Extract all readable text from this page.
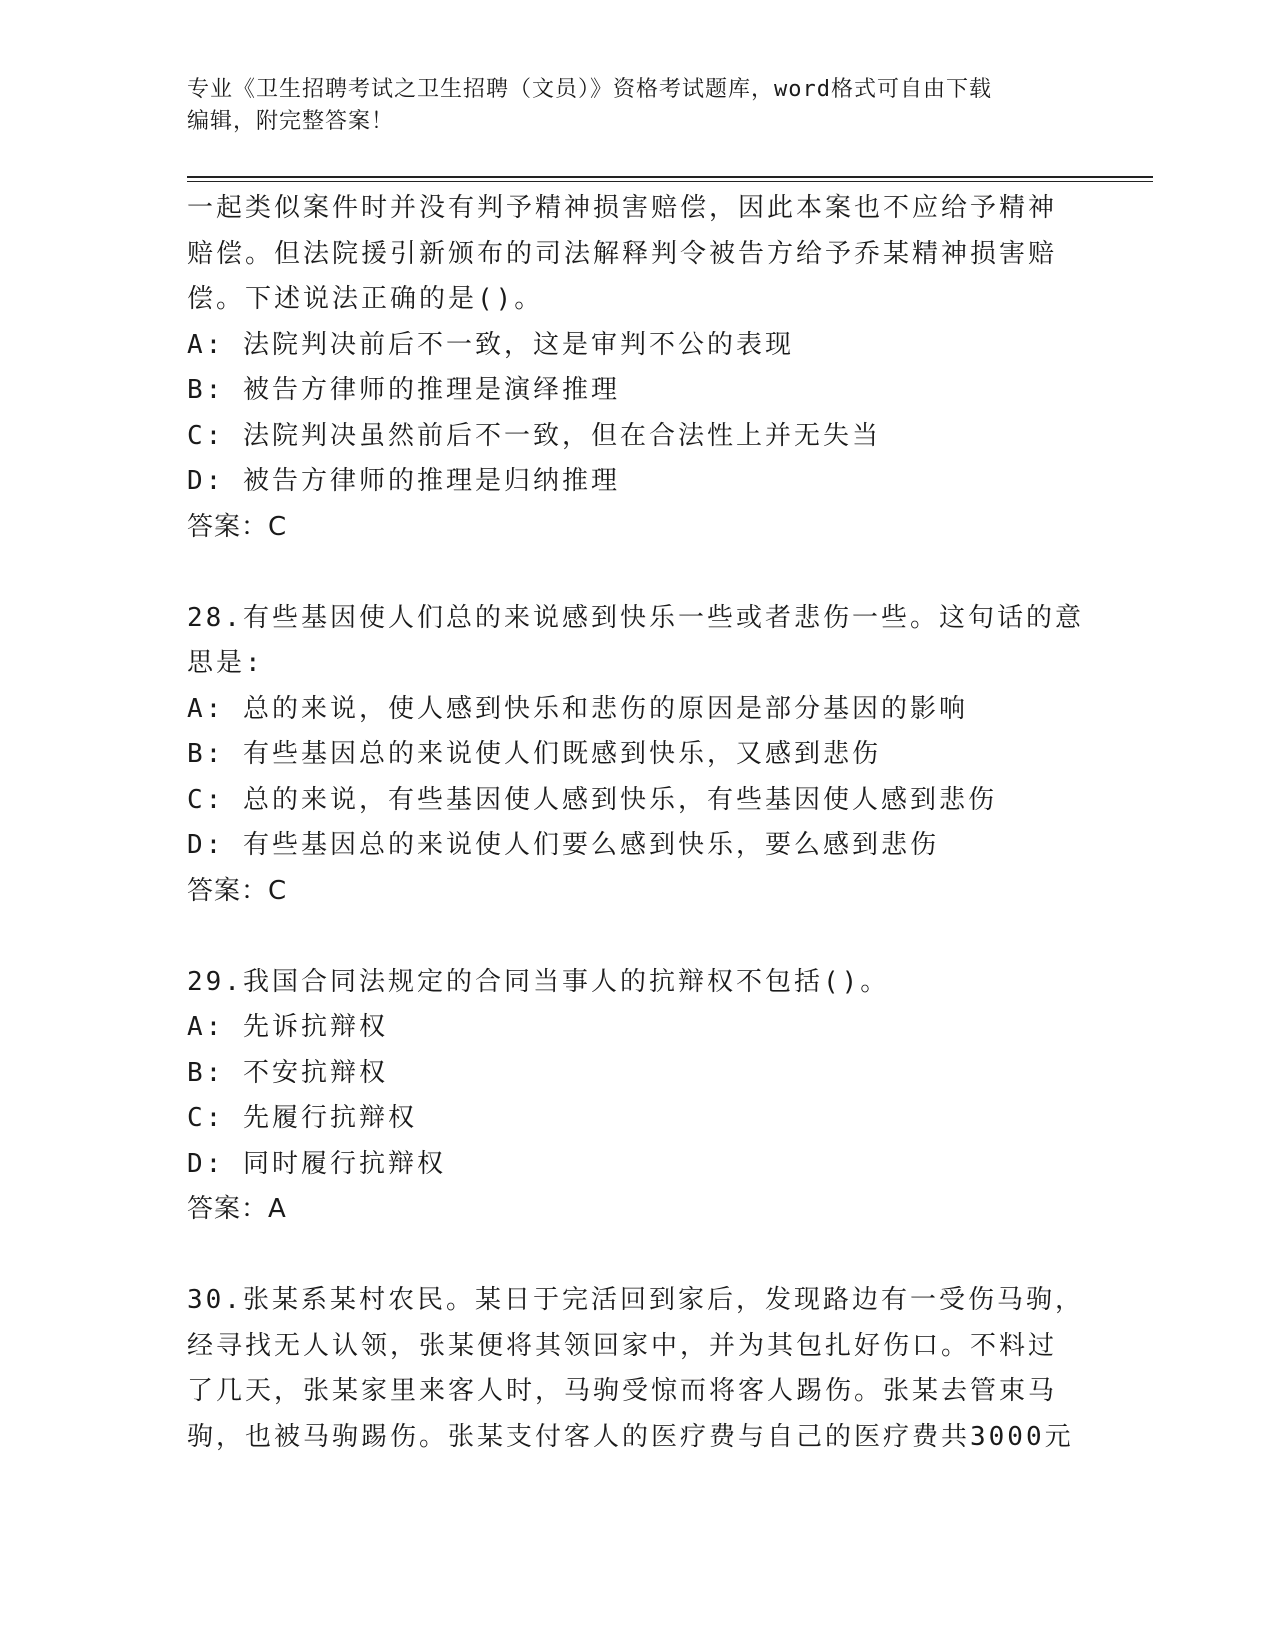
专业《卫生招聘考试之卫生招聘（文员）》资格考试题库，word格式可自由下载
编辑，附完整答案！
一起类似案件时并没有判予精神损害赔偿，因此本案也不应给予精神
赔偿。但法院援引新颁布的司法解释判令被告方给予乔某精神损害赔
偿。下述说法正确的是()。
A: 法院判决前后不一致，这是审判不公的表现
B: 被告方律师的推理是演绎推理
C: 法院判决虽然前后不一致，但在合法性上并无失当
D: 被告方律师的推理是归纳推理
答案：C
28.有些基因使人们总的来说感到快乐一些或者悲伤一些。这句话的意
思是:
A: 总的来说，使人感到快乐和悲伤的原因是部分基因的影响
B: 有些基因总的来说使人们既感到快乐，又感到悲伤
C: 总的来说，有些基因使人感到快乐，有些基因使人感到悲伤
D: 有些基因总的来说使人们要么感到快乐，要么感到悲伤
答案：C
29.我国合同法规定的合同当事人的抗辩权不包括()。
A: 先诉抗辩权
B: 不安抗辩权
C: 先履行抗辩权
D: 同时履行抗辩权
答案：A
30.张某系某村农民。某日于完活回到家后，发现路边有一受伤马驹，
经寻找无人认领，张某便将其领回家中，并为其包扎好伤口。不料过
了几天，张某家里来客人时，马驹受惊而将客人踢伤。张某去管束马
驹，也被马驹踢伤。张某支付客人的医疗费与自己的医疗费共3000元
